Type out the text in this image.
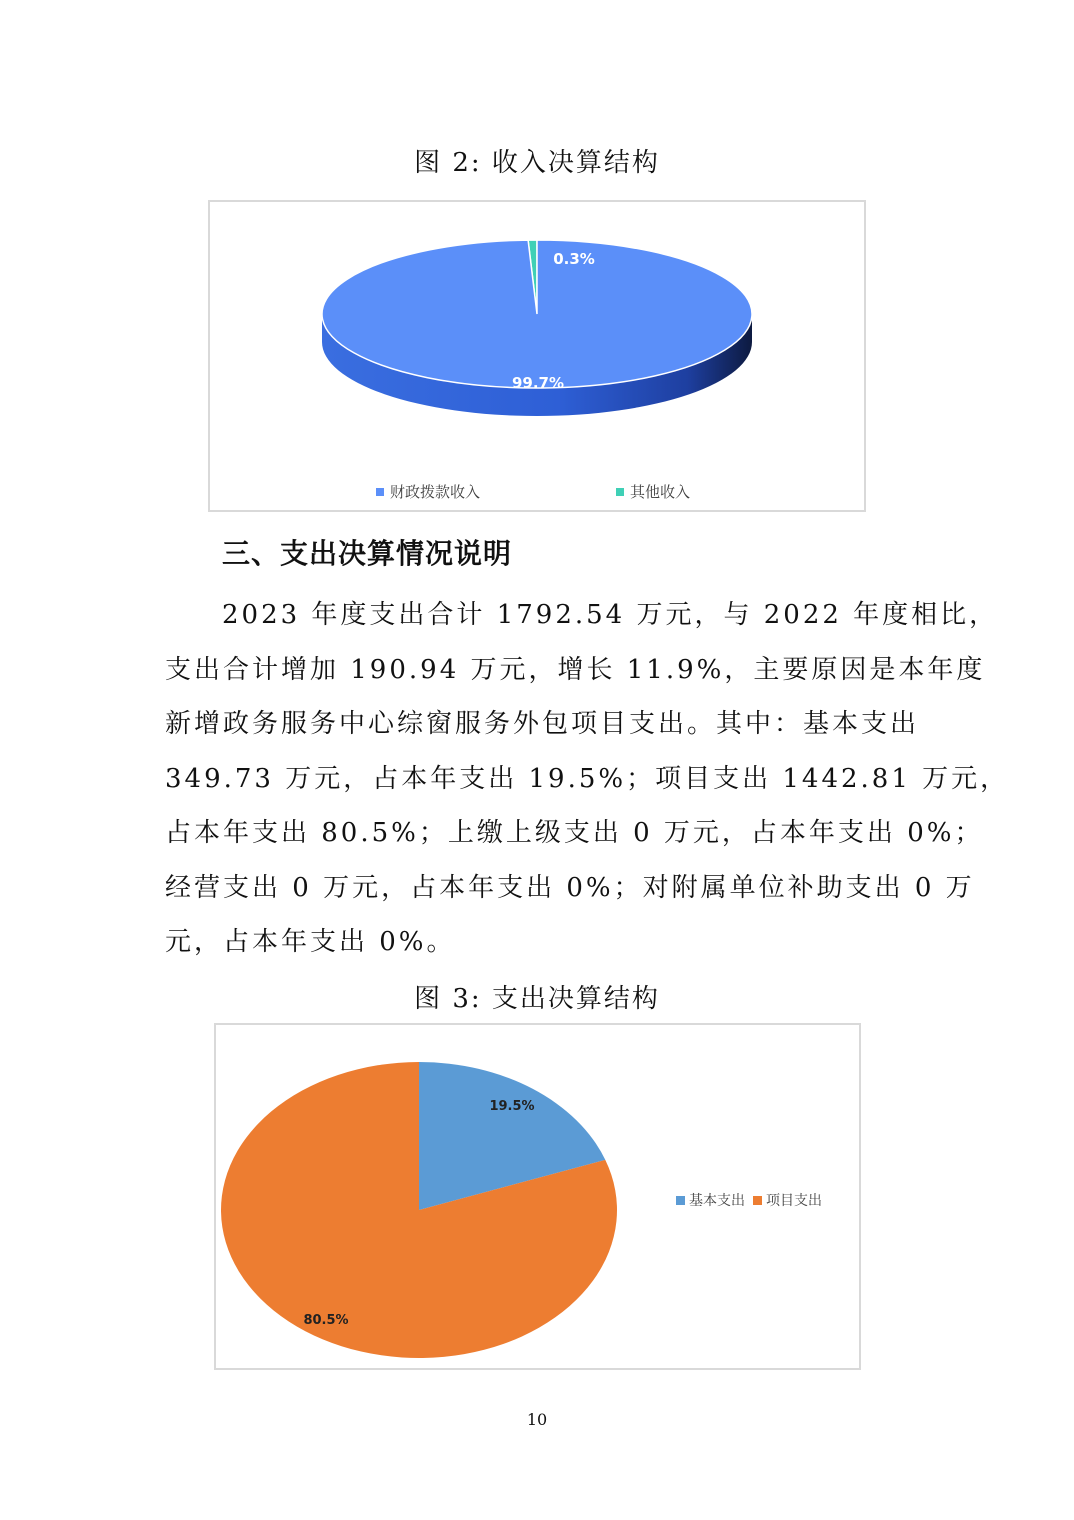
图 2: 收入决算结构
99.7%
0.3%
财政拨款收入	其他收入
三、支出决算情况说明
2023 年度支出合计 1792.54 万元，与 2022 年度相比，
支出合计增加 190.94 万元，增长 11.9%，主要原因是本年度
新增政务服务中心综窗服务外包项目支出。其中：基本支出
349.73 万元，占本年支出 19.5%；项目支出 1442.81 万元，
占本年支出 80.5%；上缴上级支出 0 万元，占本年支出 0%；
经营支出 0 万元，占本年支出 0%；对附属单位补助支出 0 万
元，占本年支出 0%。
图 3: 支出决算结构
19.5%
80.5%
基本支出 项目支出
10
